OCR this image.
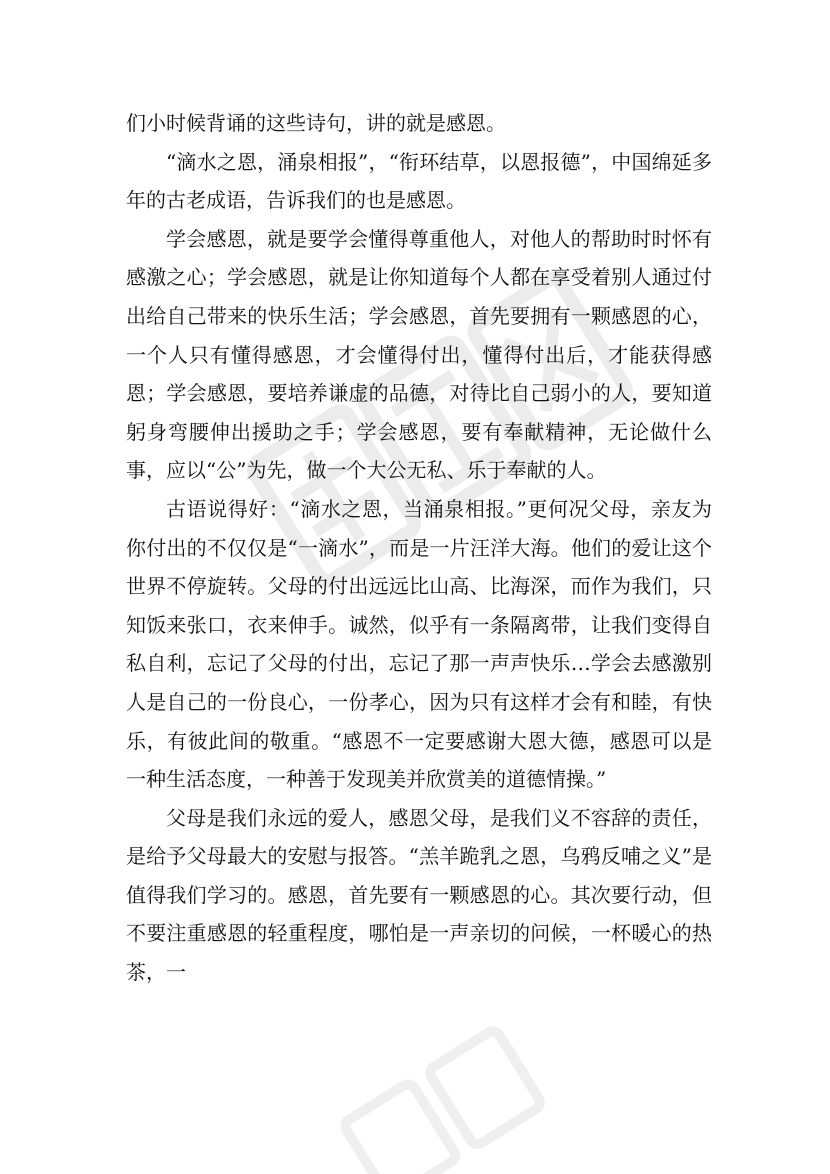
们小时候背诵的这些诗句，讲的就是感恩。

“滴水之恩，涌泉相报”，“衔环结草，以恩报德”，中国绵延多年的古老成语，告诉我们的也是感恩。

学会感恩，就是要学会懂得尊重他人，对他人的帮助时时怀有感激之心；学会感恩，就是让你知道每个人都在享受着别人通过付出给自己带来的快乐生活；学会感恩，首先要拥有一颗感恩的心，一个人只有懂得感恩，才会懂得付出，懂得付出后，才能获得感恩；学会感恩，要培养谦虚的品德，对待比自己弱小的人，要知道躬身弯腰伸出援助之手；学会感恩，要有奉献精神，无论做什么事，应以“公”为先，做一个大公无私、乐于奉献的人。

古语说得好：“滴水之恩，当涌泉相报。”更何况父母，亲友为你付出的不仅仅是“一滴水”，而是一片汪洋大海。他们的爱让这个世界不停旋转。父母的付出远远比山高、比海深，而作为我们，只知饭来张口，衣来伸手。诚然，似乎有一条隔离带，让我们变得自私自利，忘记了父母的付出，忘记了那一声声快乐…学会去感激别人是自己的一份良心，一份孝心，因为只有这样才会有和睦，有快乐，有彼此间的敬重。“感恩不一定要感谢大恩大德，感恩可以是一种生活态度，一种善于发现美并欣赏美的道德情操。”

父母是我们永远的爱人，感恩父母，是我们义不容辞的责任，是给予父母最大的安慰与报答。“羔羊跪乳之恩，乌鸦反哺之义”是值得我们学习的。感恩，首先要有一颗感恩的心。其次要行动，但不要注重感恩的轻重程度，哪怕是一声亲切的问候，一杯暖心的热茶，一
